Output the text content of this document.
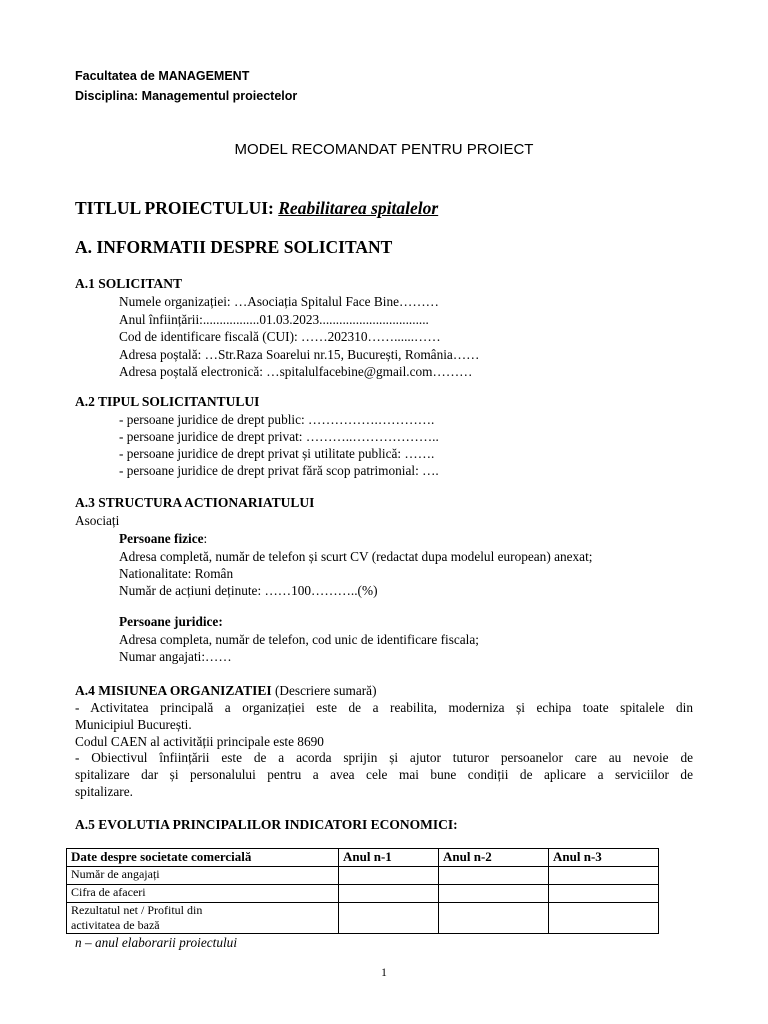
Facultatea de MANAGEMENT
Disciplina: Managementul proiectelor
MODEL RECOMANDAT PENTRU PROIECT
TITLUL PROIECTULUI: Reabilitarea spitalelor
A. INFORMATII DESPRE SOLICITANT
A.1 SOLICITANT
Numele organizației: …Asociația Spitalul Face Bine………
Anul înființării:.................01.03.2023.................................
Cod de identificare fiscală (CUI): ……202310……......……
Adresa poștală: …Str.Raza Soarelui nr.15, București, România……
Adresa poștală electronică: …spitalulfacebine@gmail.com………
A.2 TIPUL SOLICITANTULUI
- persoane juridice de drept public: …………….………….
- persoane juridice de drept privat: ………..………………..
- persoane juridice de drept privat și utilitate publică: …….
- persoane juridice de drept privat fără scop patrimonial: ….
A.3 STRUCTURA ACTIONARIATULUI
Asociați
Persoane fizice:
Adresa completă, număr de telefon și scurt CV (redactat dupa modelul european) anexat;
Nationalitate: Român
Număr de acțiuni deținute: ……100………..(%)
Persoane juridice:
Adresa completa, număr de telefon, cod unic de identificare fiscala;
Numar angajati:……
A.4 MISIUNEA ORGANIZATIEI (Descriere sumară)
- Activitatea principală a organizației este de a reabilita, moderniza și echipa toate spitalele din
Municipiul București.
Codul CAEN al activității principale este 8690
- Obiectivul înființării este de a acorda sprijin și ajutor tuturor persoanelor care au nevoie de
spitalizare dar și personalului pentru a avea cele mai bune condiții de aplicare a serviciilor de
spitalizare.
A.5 EVOLUTIA PRINCIPALILOR INDICATORI ECONOMICI:
Date despre societate comercială	Anul n-1	Anul n-2	Anul n-3
Număr de angajați			
Cifra de afaceri			
Rezultatul net / Profitul din activitatea de bază			
n – anul elaborarii proiectului
1
